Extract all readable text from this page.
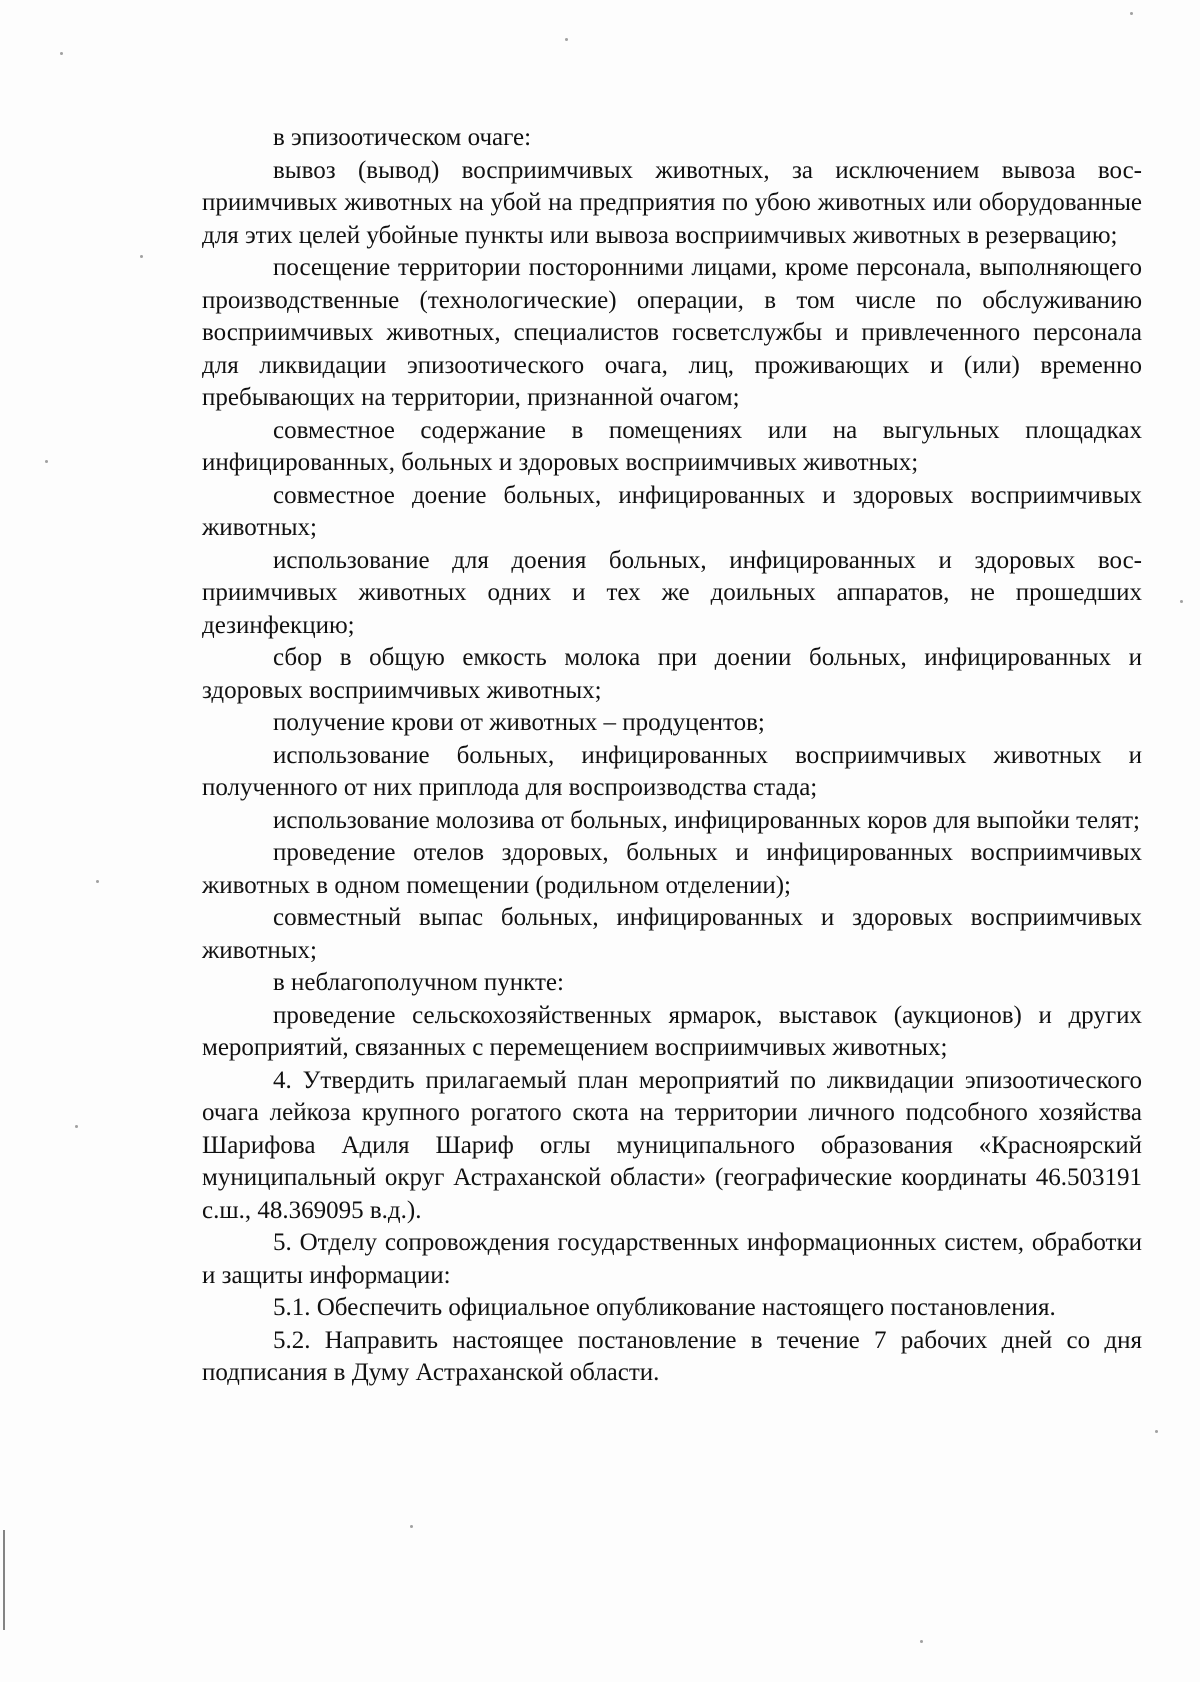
в эпизоотическом очаге:

вывоз (вывод) восприимчивых животных, за исключением вывоза восприимчивых животных на убой на предприятия по убою животных или оборудованные для этих целей убойные пункты или вывоза восприимчивых животных в резервацию;

посещение территории посторонними лицами, кроме персонала, выполняющего производственные (технологические) операции, в том числе по обслуживанию восприимчивых животных, специалистов госветслужбы и привлеченного персонала для ликвидации эпизоотического очага, лиц, проживающих и (или) временно пребывающих на территории, признанной очагом;

совместное содержание в помещениях или на выгульных площадках инфицированных, больных и здоровых восприимчивых животных;

совместное доение больных, инфицированных и здоровых восприимчивых животных;

использование для доения больных, инфицированных и здоровых восприимчивых животных одних и тех же доильных аппаратов, не прошедших дезинфекцию;

сбор в общую емкость молока при доении больных, инфицированных и здоровых восприимчивых животных;

получение крови от животных – продуцентов;

использование больных, инфицированных восприимчивых животных и полученного от них приплода для воспроизводства стада;

использование молозива от больных, инфицированных коров для выпойки телят;

проведение отелов здоровых, больных и инфицированных восприимчивых животных в одном помещении (родильном отделении);

совместный выпас больных, инфицированных и здоровых восприимчивых животных;

в неблагополучном пункте:

проведение сельскохозяйственных ярмарок, выставок (аукционов) и других мероприятий, связанных с перемещением восприимчивых животных;

4. Утвердить прилагаемый план мероприятий по ликвидации эпизоотического очага лейкоза крупного рогатого скота на территории личного подсобного хозяйства Шарифова Адиля Шариф оглы муниципального образования «Красноярский муниципальный округ Астраханской области» (географические координаты 46.503191 с.ш., 48.369095 в.д.).

5. Отделу сопровождения государственных информационных систем, обработки и защиты информации:

5.1. Обеспечить официальное опубликование настоящего постановления.

5.2. Направить настоящее постановление в течение 7 рабочих дней со дня подписания в Думу Астраханской области.
